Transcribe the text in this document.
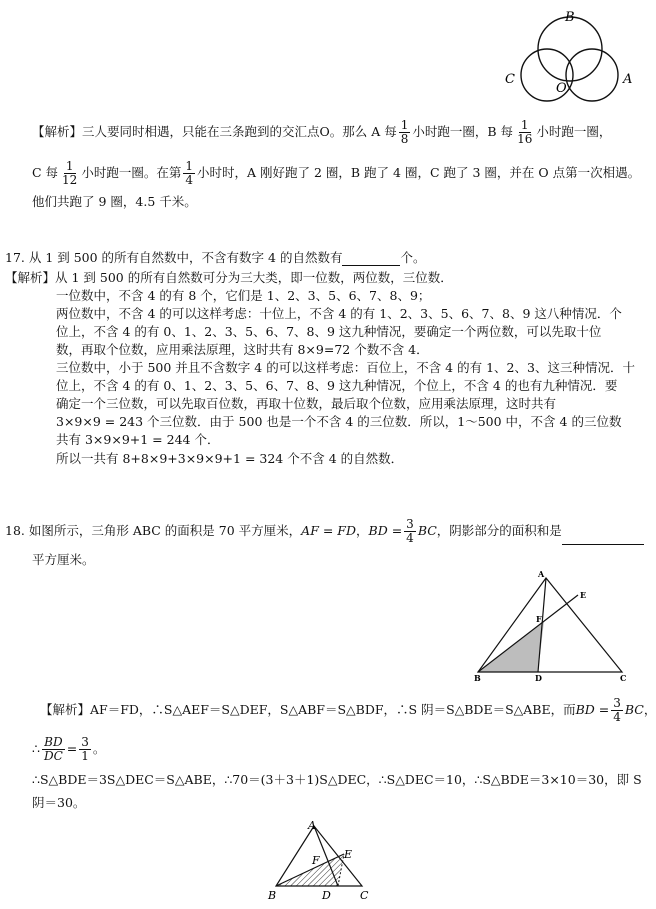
B
C
O
A
【解析】三人要同时相遇，只能在三条跑到的交汇点O。那么 A 每 $\frac{1}{8}$ 小时跑一圈，B 每 $\frac{1}{16}$ 小时跑一圈，
C 每 $\frac{1}{12}$ 小时跑一圈。在第 $\frac{1}{4}$ 小时时，A 刚好跑了 2 圈，B 跑了 4 圈，C 跑了 3 圈，并在 O 点第一次相遇。
他们共跑了 9 圈，4.5 千米。
17. 从 1 到 500 的所有自然数中，不含有数字 4 的自然数有	个。
【解析】从 1 到 500 的所有自然数可分为三大类，即一位数，两位数，三位数．
一位数中，不含 4 的有 8 个，它们是 1、2、3、5、6、7、8、9；
两位数中，不含 4 的可以这样考虑：十位上，不含 4 的有 1、2、3、5、6、7、8、9 这八种情况．个
位上，不含 4 的有 0、1、2、3、5、6、7、8、9 这九种情况，要确定一个两位数，可以先取十位
数，再取个位数，应用乘法原理，这时共有 8×9=72 个数不含 4．
三位数中，小于 500 并且不含数字 4 的可以这样考虑：百位上，不含 4 的有 1、2、3、这三种情况．十
位上，不含 4 的有 0、1、2、3、5、6、7、8、9 这九种情况，个位上，不含 4 的也有九种情况．要
确定一个三位数，可以先取百位数，再取十位数，最后取个位数，应用乘法原理，这时共有
3×9×9 = 243 个三位数．由于 500 也是一个不含 4 的三位数．所以，1～500 中，不含 4 的三位数
共有 3×9×9+1 = 244 个．
所以一共有 8+8×9+3×9×9+1 = 324 个不含 4 的自然数．
18. 如图所示，三角形 ABC 的面积是 70 平方厘米，AF = FD，BD = $\frac{3}{4}$ BC，阴影部分的面积和是
平方厘米。
A
E
F
B	D	C
【解析】AF＝FD，∴S△AEF＝S△DEF，S△ABF＝S△BDF，∴S 阴＝S△BDE＝S△ABE，而BD = $\frac{3}{4}$ BC，
∴ $\frac{BD}{DC} = \frac{3}{1}$ 。
∴S△BDE＝3S△DEC＝S△ABE，∴70＝(3＋3＋1)S△DEC，∴S△DEC＝10，∴S△BDE＝3×10＝30，即 S
阴＝30。
A
F E
B	D	C
